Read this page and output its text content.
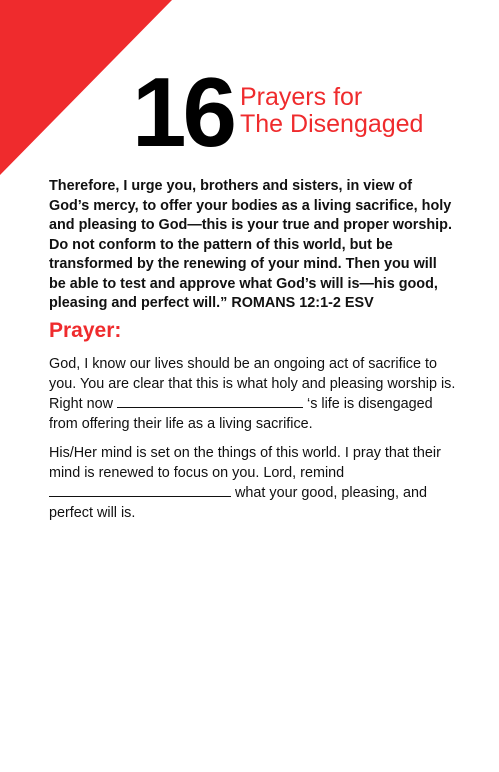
16 Prayers for
The Disengaged
Therefore, I urge you, brothers and sisters, in view of God’s mercy, to offer your bodies as a living sacrifice, holy and pleasing to God—this is your true and proper worship. Do not conform to the pattern of this world, but be transformed by the renewing of your mind. Then you will be able to test and approve what God’s will is—his good, pleasing and perfect will.” ROMANS 12:1-2 ESV
Prayer:
God, I know our lives should be an ongoing act of sacrifice to you. You are clear that this is what holy and pleasing worship is. Right now	‘s life is disengaged from offering their life as a living sacrifice.
His/Her mind is set on the things of this world. I pray that their mind is renewed to focus on you. Lord, remind  what your good, pleasing, and perfect will is.
